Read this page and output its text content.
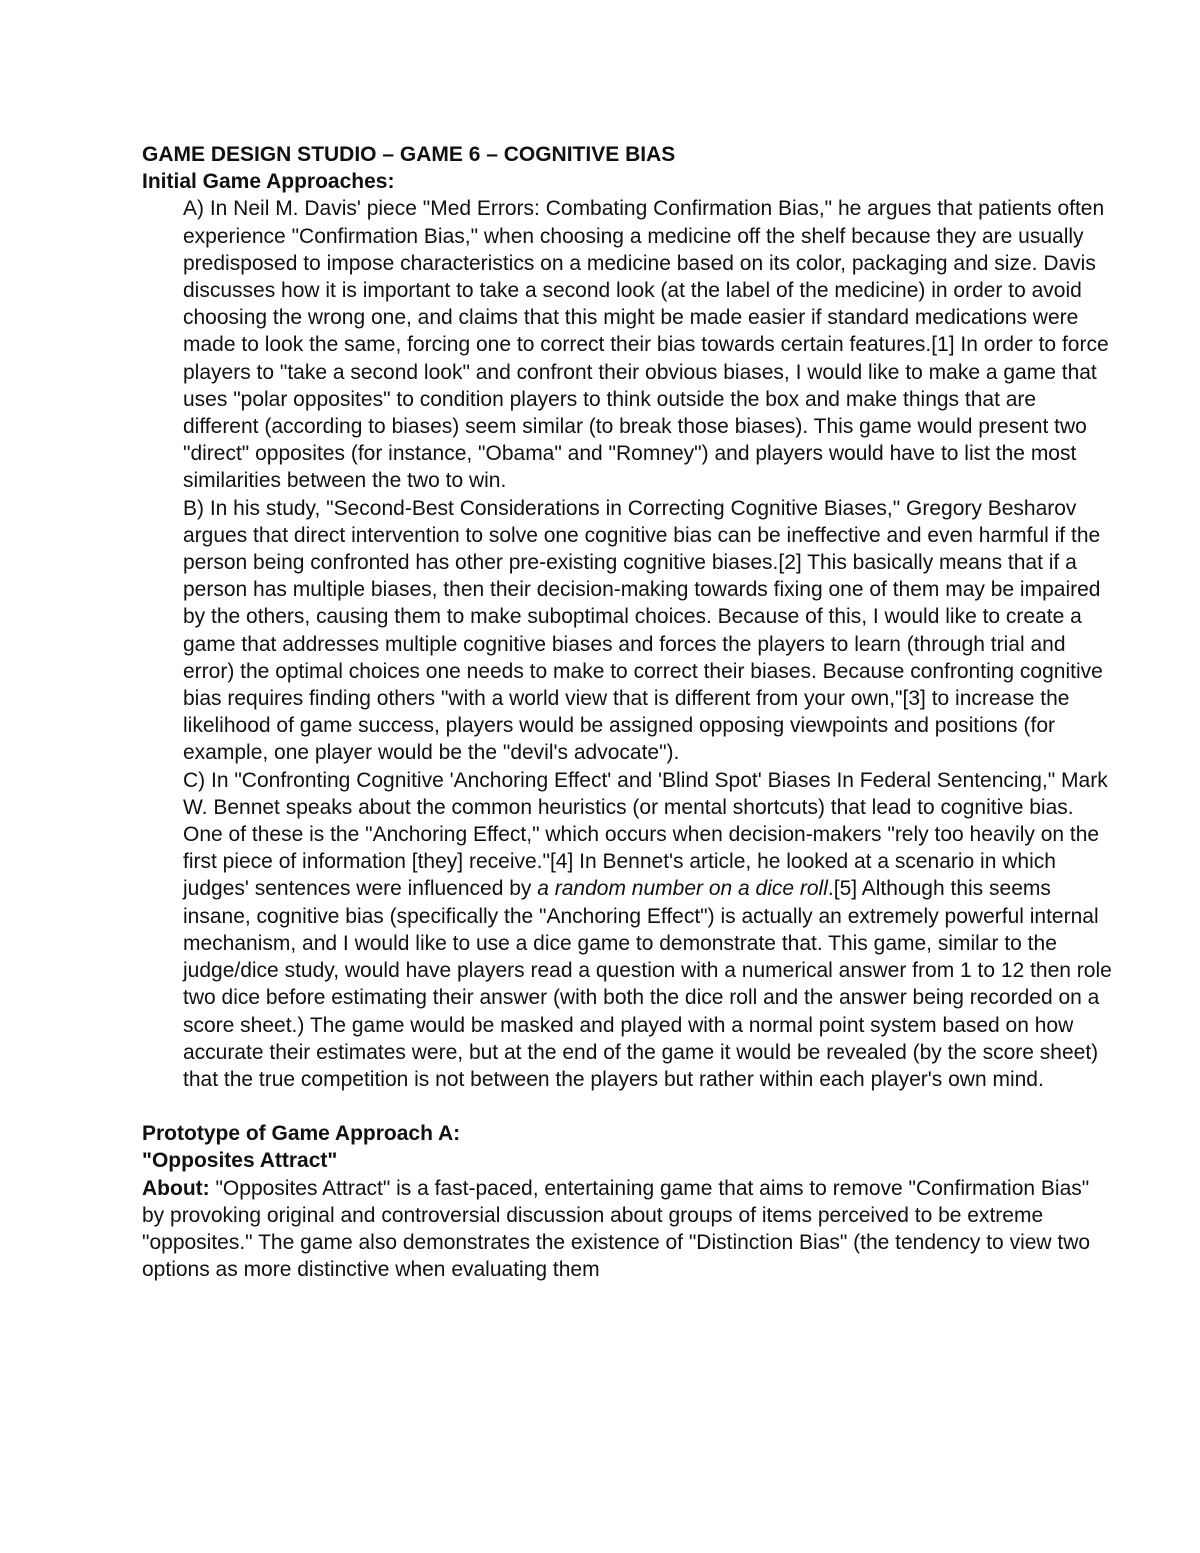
GAME DESIGN STUDIO – GAME 6 – COGNITIVE BIAS
Initial Game Approaches:

A) In Neil M. Davis' piece "Med Errors: Combating Confirmation Bias," he argues that patients often experience "Confirmation Bias," when choosing a medicine off the shelf because they are usually predisposed to impose characteristics on a medicine based on its color, packaging and size. Davis discusses how it is important to take a second look (at the label of the medicine) in order to avoid choosing the wrong one, and claims that this might be made easier if standard medications were made to look the same, forcing one to correct their bias towards certain features.[1] In order to force players to "take a second look" and confront their obvious biases, I would like to make a game that uses "polar opposites" to condition players to think outside the box and make things that are different (according to biases) seem similar (to break those biases). This game would present two "direct" opposites (for instance, "Obama" and "Romney") and players would have to list the most similarities between the two to win.

B) In his study, "Second-Best Considerations in Correcting Cognitive Biases," Gregory Besharov argues that direct intervention to solve one cognitive bias can be ineffective and even harmful if the person being confronted has other pre-existing cognitive biases.[2] This basically means that if a person has multiple biases, then their decision-making towards fixing one of them may be impaired by the others, causing them to make suboptimal choices. Because of this, I would like to create a game that addresses multiple cognitive biases and forces the players to learn (through trial and error) the optimal choices one needs to make to correct their biases. Because confronting cognitive bias requires finding others "with a world view that is different from your own,"[3] to increase the likelihood of game success, players would be assigned opposing viewpoints and positions (for example, one player would be the "devil's advocate").

C) In "Confronting Cognitive 'Anchoring Effect' and 'Blind Spot' Biases In Federal Sentencing," Mark W. Bennet speaks about the common heuristics (or mental shortcuts) that lead to cognitive bias. One of these is the "Anchoring Effect," which occurs when decision-makers "rely too heavily on the first piece of information [they] receive."[4] In Bennet's article, he looked at a scenario in which judges' sentences were influenced by a random number on a dice roll.[5] Although this seems insane, cognitive bias (specifically the "Anchoring Effect") is actually an extremely powerful internal mechanism, and I would like to use a dice game to demonstrate that. This game, similar to the judge/dice study, would have players read a question with a numerical answer from 1 to 12 then role two dice before estimating their answer (with both the dice roll and the answer being recorded on a score sheet.) The game would be masked and played with a normal point system based on how accurate their estimates were, but at the end of the game it would be revealed (by the score sheet) that the true competition is not between the players but rather within each player's own mind.

Prototype of Game Approach A:
"Opposites Attract"

About: "Opposites Attract" is a fast-paced, entertaining game that aims to remove "Confirmation Bias" by provoking original and controversial discussion about groups of items perceived to be extreme "opposites." The game also demonstrates the existence of "Distinction Bias" (the tendency to view two options as more distinctive when evaluating them
